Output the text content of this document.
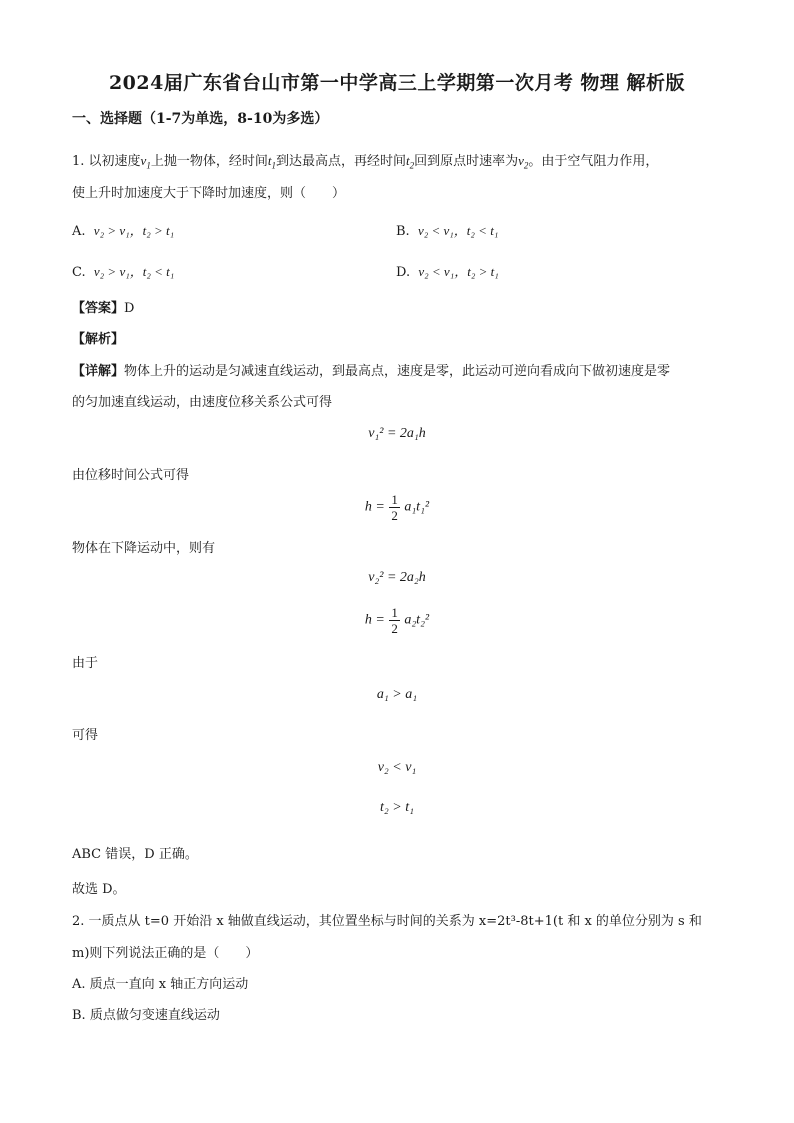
2024届广东省台山市第一中学高三上学期第一次月考 物理 解析版
一、选择题（1-7为单选，8-10为多选）
1. 以初速度$v_1$上抛一物体，经时间$t_1$到达最高点，再经时间$t_2$回到原点时速率为$v_2$。由于空气阻力作用，
使上升时加速度大于下降时加速度，则（　　）
A. v₂ > v₁，t₂ > t₁	B. v₂ < v₁，t₂ < t₁
C. v₂ > v₁，t₂ < t₁	D. v₂ < v₁，t₂ > t₁
【答案】D
【解析】
【详解】物体上升的运动是匀减速直线运动，到最高点，速度是零，此运动可逆向看成向下做初速度是零
的匀加速直线运动，由速度位移关系公式可得
v₁² = 2a₁h
由位移时间公式可得
$h = \frac{1}{2} a_1t_1^2$
物体在下降运动中，则有
v₂² = 2a₂h
$h = \frac{1}{2} a_2t_2^2$
由于
a₁ > a₁
可得
v₂ < v₁
t₂ > t₁
ABC 错误，D 正确。
故选 D。
2. 一质点从 t=0 开始沿 x 轴做直线运动，其位置坐标与时间的关系为 x=2t³-8t+1(t 和 x 的单位分别为 s 和
m)则下列说法正确的是（　　）
A. 质点一直向 x 轴正方向运动
B. 质点做匀变速直线运动
